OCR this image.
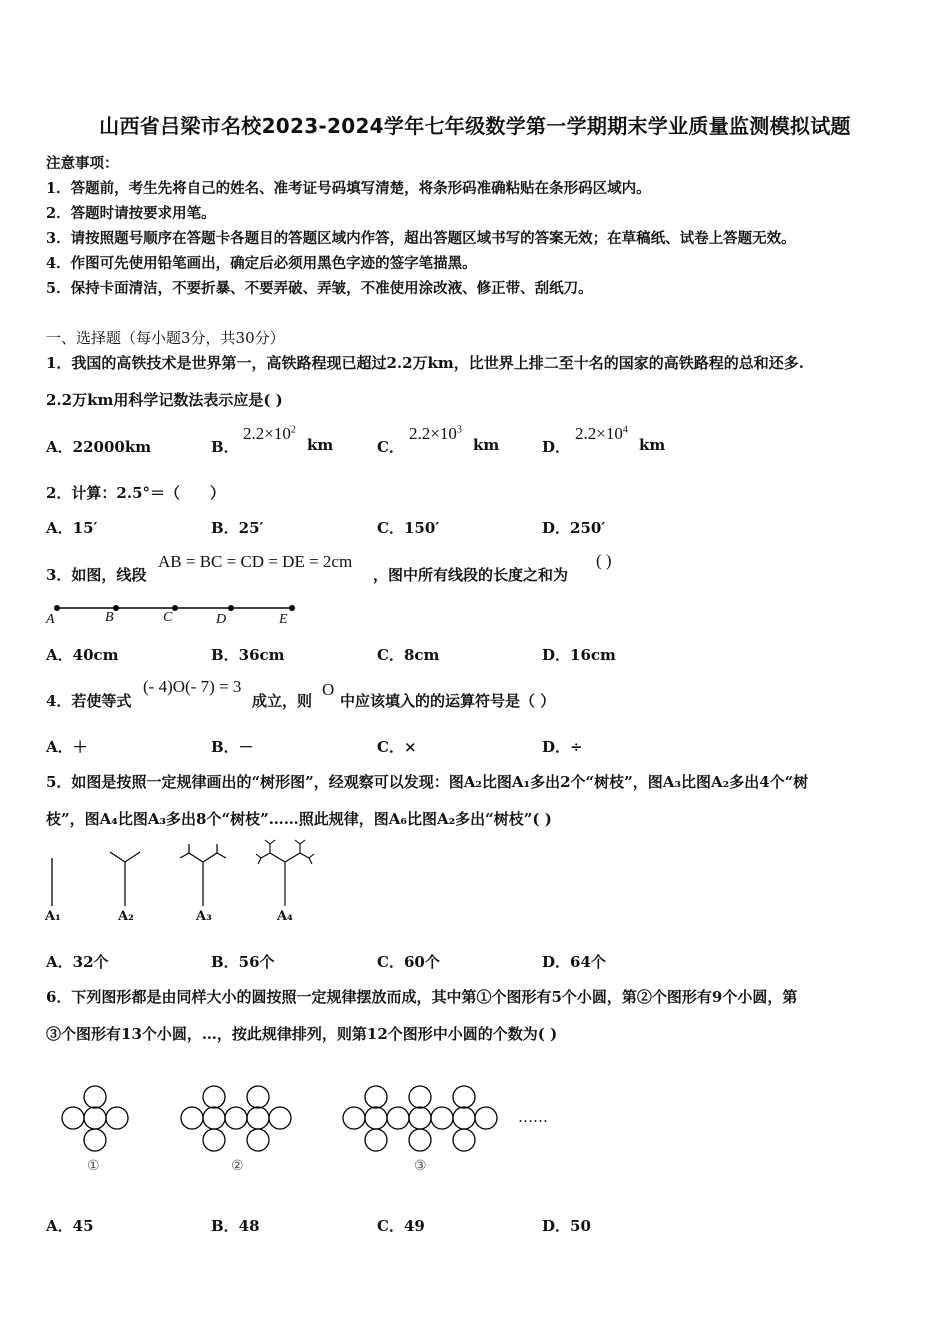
山西省吕梁市名校2023-2024学年七年级数学第一学期期末学业质量监测模拟试题
注意事项：
1．答题前，考生先将自己的姓名、准考证号码填写清楚，将条形码准确粘贴在条形码区域内。
2．答题时请按要求用笔。
3．请按照题号顺序在答题卡各题目的答题区域内作答，超出答题区域书写的答案无效；在草稿纸、试卷上答题无效。
4．作图可先使用铅笔画出，确定后必须用黑色字迹的签字笔描黑。
5．保持卡面清洁，不要折暴、不要弄破、弄皱，不准使用涂改液、修正带、刮纸刀。
一、选择题（每小题3分，共30分）
1．我国的高铁技术是世界第一，高铁路程现已超过2.2万km，比世界上排二至十名的国家的高铁路程的总和还多.
2.2万km用科学记数法表示应是( )
A．22000km	B．
$2.2\times 10^2$
km	C．
$2.2\times 10^3$
km	D．
$2.2\times 10^4$
km
2．计算：2.5°＝（　　）
A．15′	B．25′	C．150′	D．250′
3．如图，线段
AB = BC = CD = DE = 2cm
，图中所有线段的长度之和为
( )
A	B	C	D	E
A．40cm	B．36cm	C．8cm	D．16cm
4．若使等式
(- 4)O(- 7) = 3
成立，则
O
中应该填入的的运算符号是（ ）
A．＋	B．－	C．×	D．÷
5．如图是按照一定规律画出的“树形图”，经观察可以发现：图A₂比图A₁多出2个“树枝”，图A₃比图A₂多出4个“树
枝”，图A₄比图A₃多出8个“树枝”……照此规律，图A₆比图A₂多出“树枝”( )
A₁	A₂	A₃	A₄
A．32个	B．56个	C．60个	D．64个
6．下列图形都是由同样大小的圆按照一定规律摆放而成，其中第①个图形有5个小圆，第②个图形有9个小圆，第
③个图形有13个小圆，…，按此规律排列，则第12个图形中小圆的个数为( )
①	②	③
……
A．45	B．48	C．49	D．50
